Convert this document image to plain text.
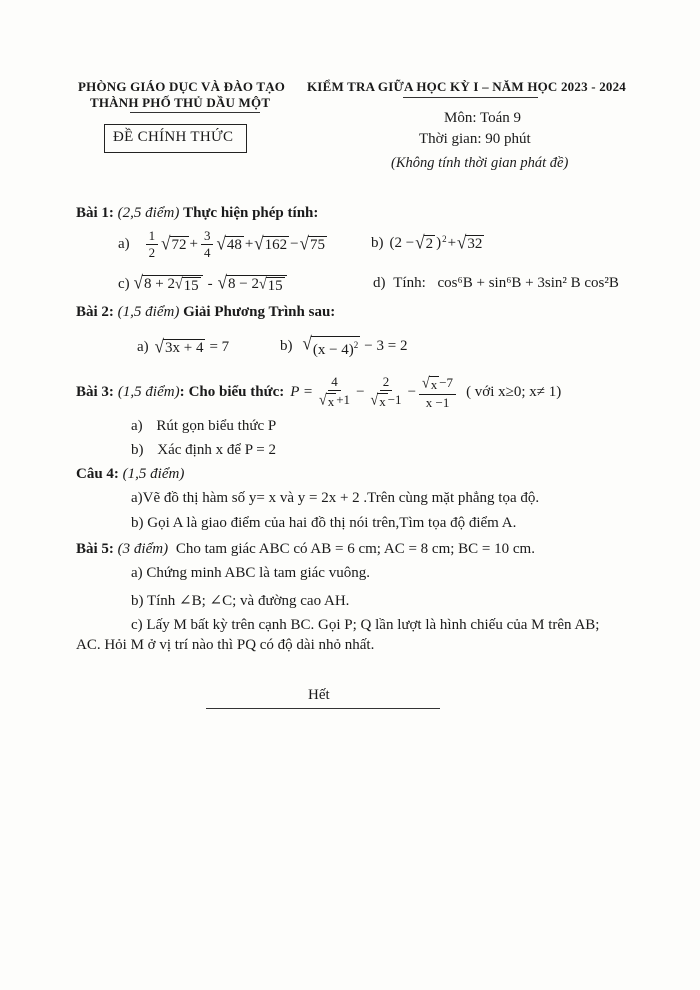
PHÒNG GIÁO DỤC VÀ ĐÀO TẠO
THÀNH PHỐ THỦ DẦU MỘT
KIỂM TRA GIỮA HỌC KỲ I – NĂM HỌC 2023 - 2024
ĐỀ CHÍNH THỨC
Môn: Toán 9
Thời gian: 90 phút
(Không tính thời gian phát đề)
Bài 1: (2,5 điểm) Thực hiện phép tính:
$a) \frac{1}{2}$ √ $72 + \frac{3}{4}$ √ 48 + √ 162 − √ 75	b) (2 − √ 2 )$^2$ + √ 32
c) √ 8 + 2 √ 15 - √ 8 − 2 √ 15	d) Tính: cos⁶B + sin⁶B + 3sin² B cos²B
Bài 2: (1,5 điểm) Giải Phương Trình sau:
a) √ 3x + 4 = 7	b) √ $(x - 4)^2 - 3 = 2$
Bài 3: (1,5 điểm) : Cho biểu thức: $P = \frac{4}{√ x +1} - \frac{2}{√ x -1} - \frac{√ x -7}{x -1}$ ( với x≥0; x≠ 1)
a) Rút gọn biểu thức P
b) Xác định x để P = 2
Câu 4: (1,5 điểm)
a)Vẽ đồ thị hàm số y= x và y = 2x + 2 .Trên cùng mặt phẳng tọa độ.
b) Gọi A là giao điểm của hai đồ thị nói trên,Tìm tọa độ điểm A.
Bài 5: (3 điểm) Cho tam giác ABC có AB = 6 cm; AC = 8 cm; BC = 10 cm.
a) Chứng minh ABC là tam giác vuông.
b) Tính ∠B; ∠C; và đường cao AH.
c) Lấy M bất kỳ trên cạnh BC. Gọi P; Q lần lượt là hình chiếu của M trên AB;
AC. Hỏi M ở vị trí nào thì PQ có độ dài nhỏ nhất.
Hết
